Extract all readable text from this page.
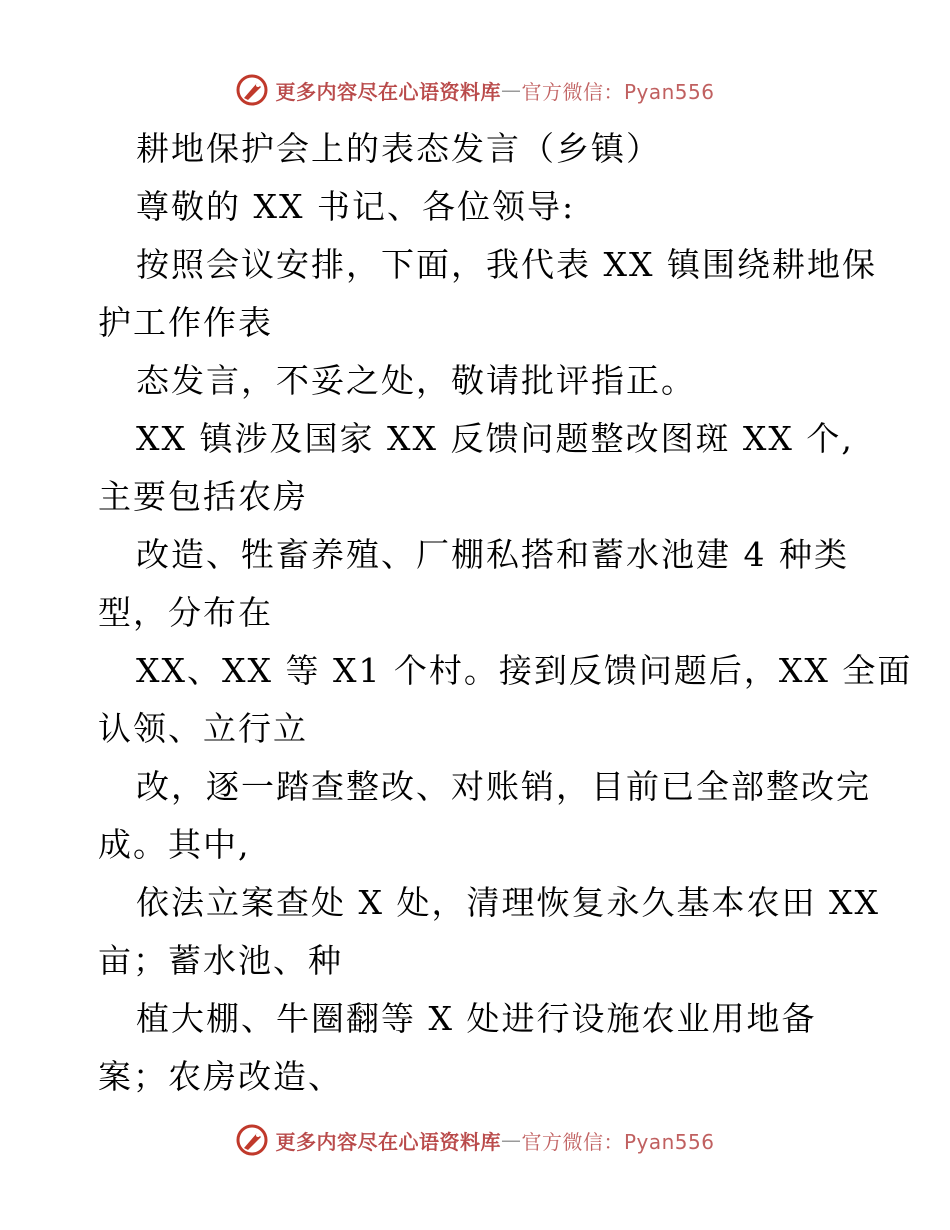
更多内容尽在心语资料库 — 官方微信：Pyan556

耕地保护会上的表态发言（乡镇）

尊敬的 XX 书记、各位领导:

按照会议安排，下面，我代表 XX 镇围绕耕地保

护工作作表

态发言，不妥之处，敬请批评指正。

XX 镇涉及国家 XX 反馈问题整改图斑 XX 个,

主要包括农房

改造、牲畜养殖、厂棚私搭和蓄水池建 4 种类

型，分布在

XX、XX 等 X1 个村。接到反馈问题后，XX 全面

认领、立行立

改，逐一踏查整改、对账销，目前已全部整改完

成。其中,

依法立案查处 X 处，清理恢复永久基本农田 XX

亩；蓄水池、种

植大棚、牛圈翻等 X 处进行设施农业用地备

案；农房改造、

更多内容尽在心语资料库 — 官方微信：Pyan556
